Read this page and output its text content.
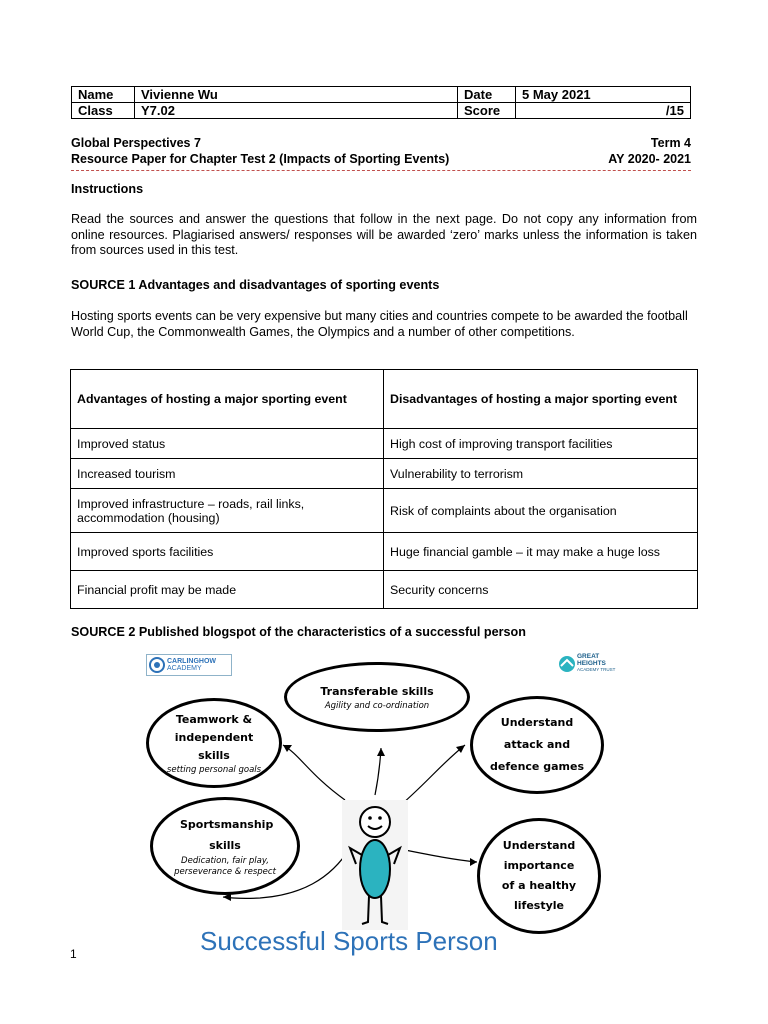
Name	Vivienne Wu	Date	5 May 2021
Class	Y7.02	Score	/15
Global Perspectives 7	Term 4
Resource Paper for Chapter Test 2 (Impacts of Sporting Events)	AY 2020- 2021
Instructions
Read the sources and answer the questions that follow in the next page. Do not copy any information from online resources. Plagiarised answers/ responses will be awarded ‘zero’ marks unless the information is taken from sources used in this test.
SOURCE 1 Advantages and disadvantages of sporting events
Hosting sports events can be very expensive but many cities and countries compete to be awarded the football World Cup, the Commonwealth Games, the Olympics and a number of other competitions.
Advantages of hosting a major sporting event	Disadvantages of hosting a major sporting event
Improved status	High cost of improving transport facilities
Increased tourism	Vulnerability to terrorism
Improved infrastructure – roads, rail links, accommodation (housing)	Risk of complaints about the organisation
Improved sports facilities	Huge financial gamble – it may make a huge loss
Financial profit may be made	Security concerns
SOURCE 2 Published blogspot of the characteristics of a successful person
CARLINGHOW
ACADEMY
GREAT
HEIGHTS
ACADEMY TRUST
Transferable skills
Agility and co-ordination
Teamwork & independent skills
setting personal goals
Understand attack and defence games
Sportsmanship skills
Dedication, fair play, perseverance & respect
Understand importance of a healthy lifestyle
Successful Sports Person
1
